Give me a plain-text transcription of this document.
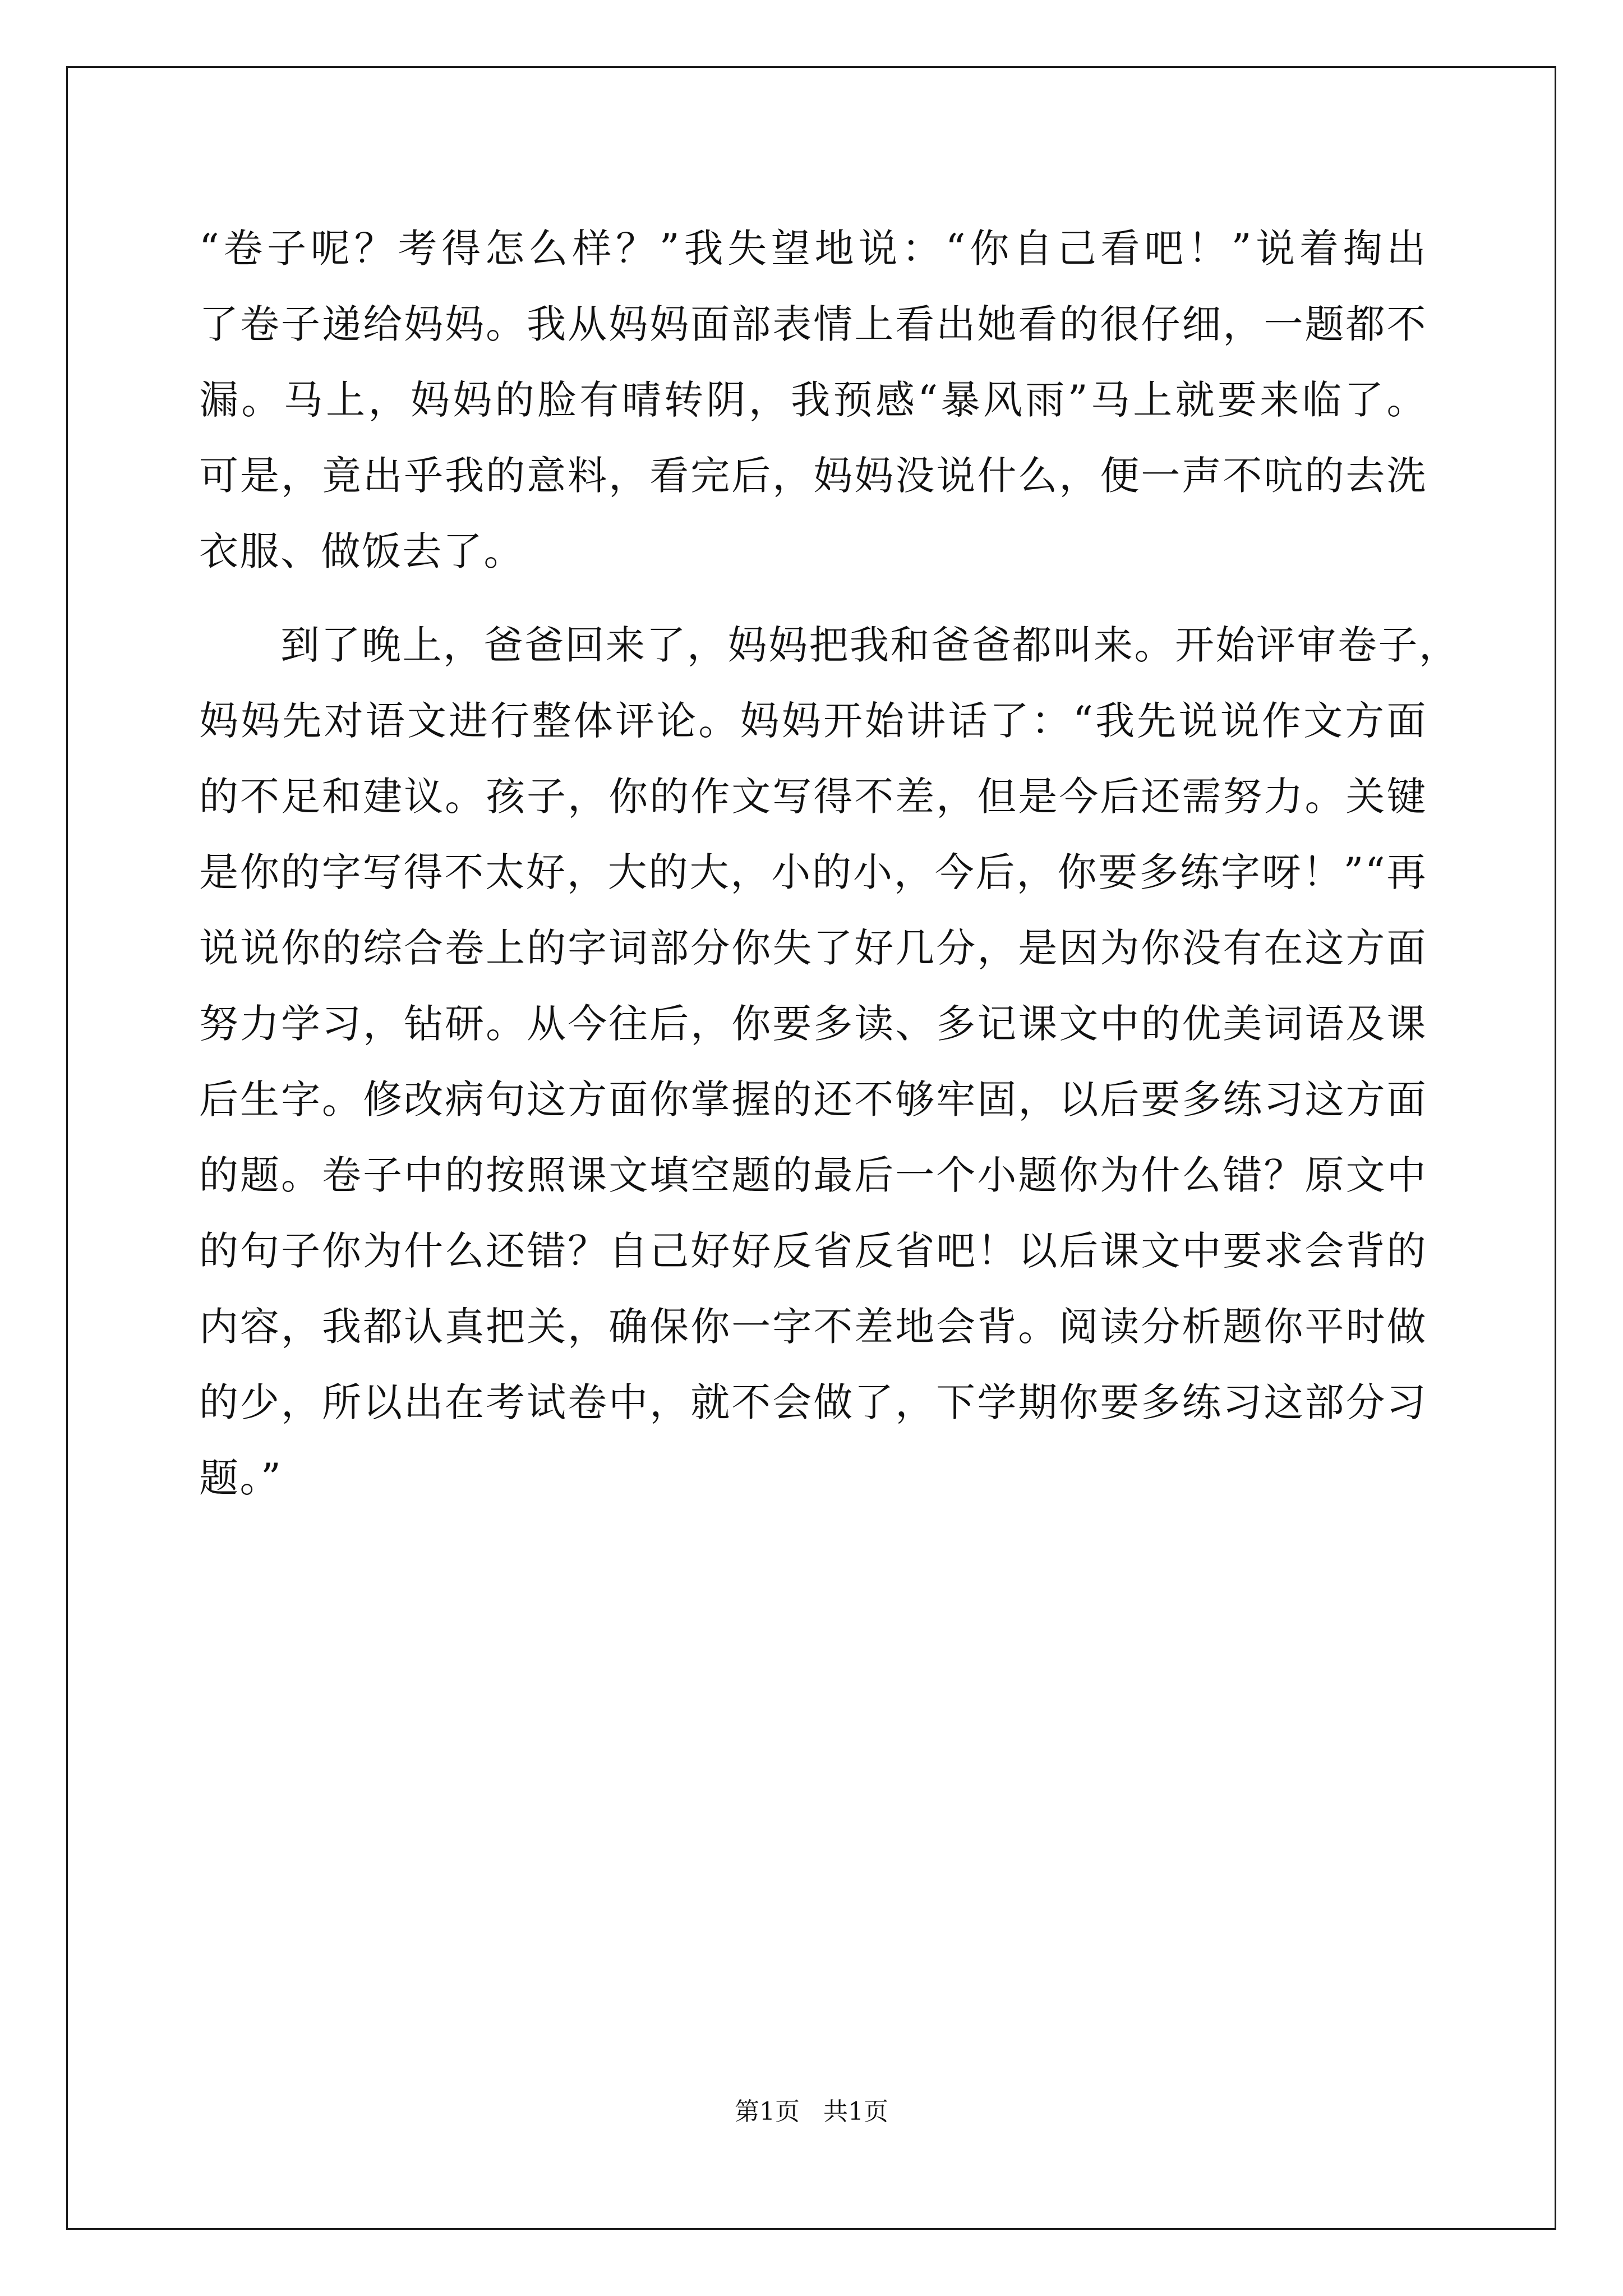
“卷子呢？考得怎么样？”我失望地说：“你自己看吧！”说着掏出
了卷子递给妈妈。我从妈妈面部表情上看出她看的很仔细，一题都不
漏。马上，妈妈的脸有晴转阴，我预感“暴风雨”马上就要来临了。
可是，竟出乎我的意料，看完后，妈妈没说什么，便一声不吭的去洗
衣服、做饭去了。
到了晚上，爸爸回来了，妈妈把我和爸爸都叫来。开始评审卷子，
妈妈先对语文进行整体评论。妈妈开始讲话了：“我先说说作文方面
的不足和建议。孩子，你的作文写得不差，但是今后还需努力。关键
是你的字写得不太好，大的大，小的小，今后，你要多练字呀！”“再
说说你的综合卷上的字词部分你失了好几分，是因为你没有在这方面
努力学习，钻研。从今往后，你要多读、多记课文中的优美词语及课
后生字。修改病句这方面你掌握的还不够牢固，以后要多练习这方面
的题。卷子中的按照课文填空题的最后一个小题你为什么错？原文中
的句子你为什么还错？自己好好反省反省吧！以后课文中要求会背的
内容，我都认真把关，确保你一字不差地会背。阅读分析题你平时做
的少，所以出在考试卷中，就不会做了，下学期你要多练习这部分习
题。”
第1页   共1页
